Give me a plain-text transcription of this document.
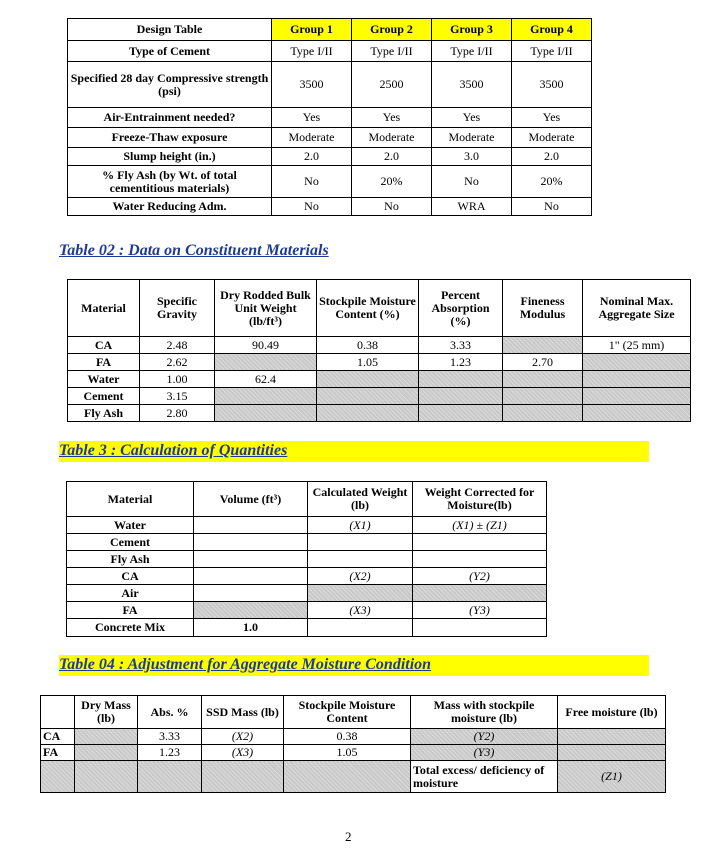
Design Table	Group 1	Group 2	Group 3	Group 4
Type of Cement	Type I/II	Type I/II	Type I/II	Type I/II
Specified 28 day Compressive strength (psi)	3500	2500	3500	3500
Air-Entrainment needed?	Yes	Yes	Yes	Yes
Freeze-Thaw exposure	Moderate	Moderate	Moderate	Moderate
Slump height (in.)	2.0	2.0	3.0	2.0
% Fly Ash (by Wt. of total cementitious materials)	No	20%	No	20%
Water Reducing Adm.	No	No	WRA	No
Table 02 : Data on Constituent Materials
Material	Specific Gravity	Dry Rodded Bulk Unit Weight (lb/ft³)	Stockpile Moisture Content (%)	Percent Absorption (%)	Fineness Modulus	Nominal Max. Aggregate Size
CA	2.48	90.49	0.38	3.33		1" (25 mm)
FA	2.62		1.05	1.23	2.70	
Water	1.00	62.4				
Cement	3.15					
Fly Ash	2.80					
Table 3 : Calculation of Quantities
Material	Volume (ft³)	Calculated Weight (lb)	Weight Corrected for Moisture(lb)
Water		(X1)	(X1) ± (Z1)
Cement			
Fly Ash			
CA		(X2)	(Y2)
Air			
FA		(X3)	(Y3)
Concrete Mix	1.0		
Table 04 : Adjustment for Aggregate Moisture Condition
	Dry Mass (lb)	Abs. %	SSD Mass (lb)	Stockpile Moisture Content	Mass with stockpile moisture (lb)	Free moisture (lb)
CA		3.33	(X2)	0.38	(Y2)	
FA		1.23	(X3)	1.05	(Y3)	
					Total excess/ deficiency of moisture	(Z1)
2
